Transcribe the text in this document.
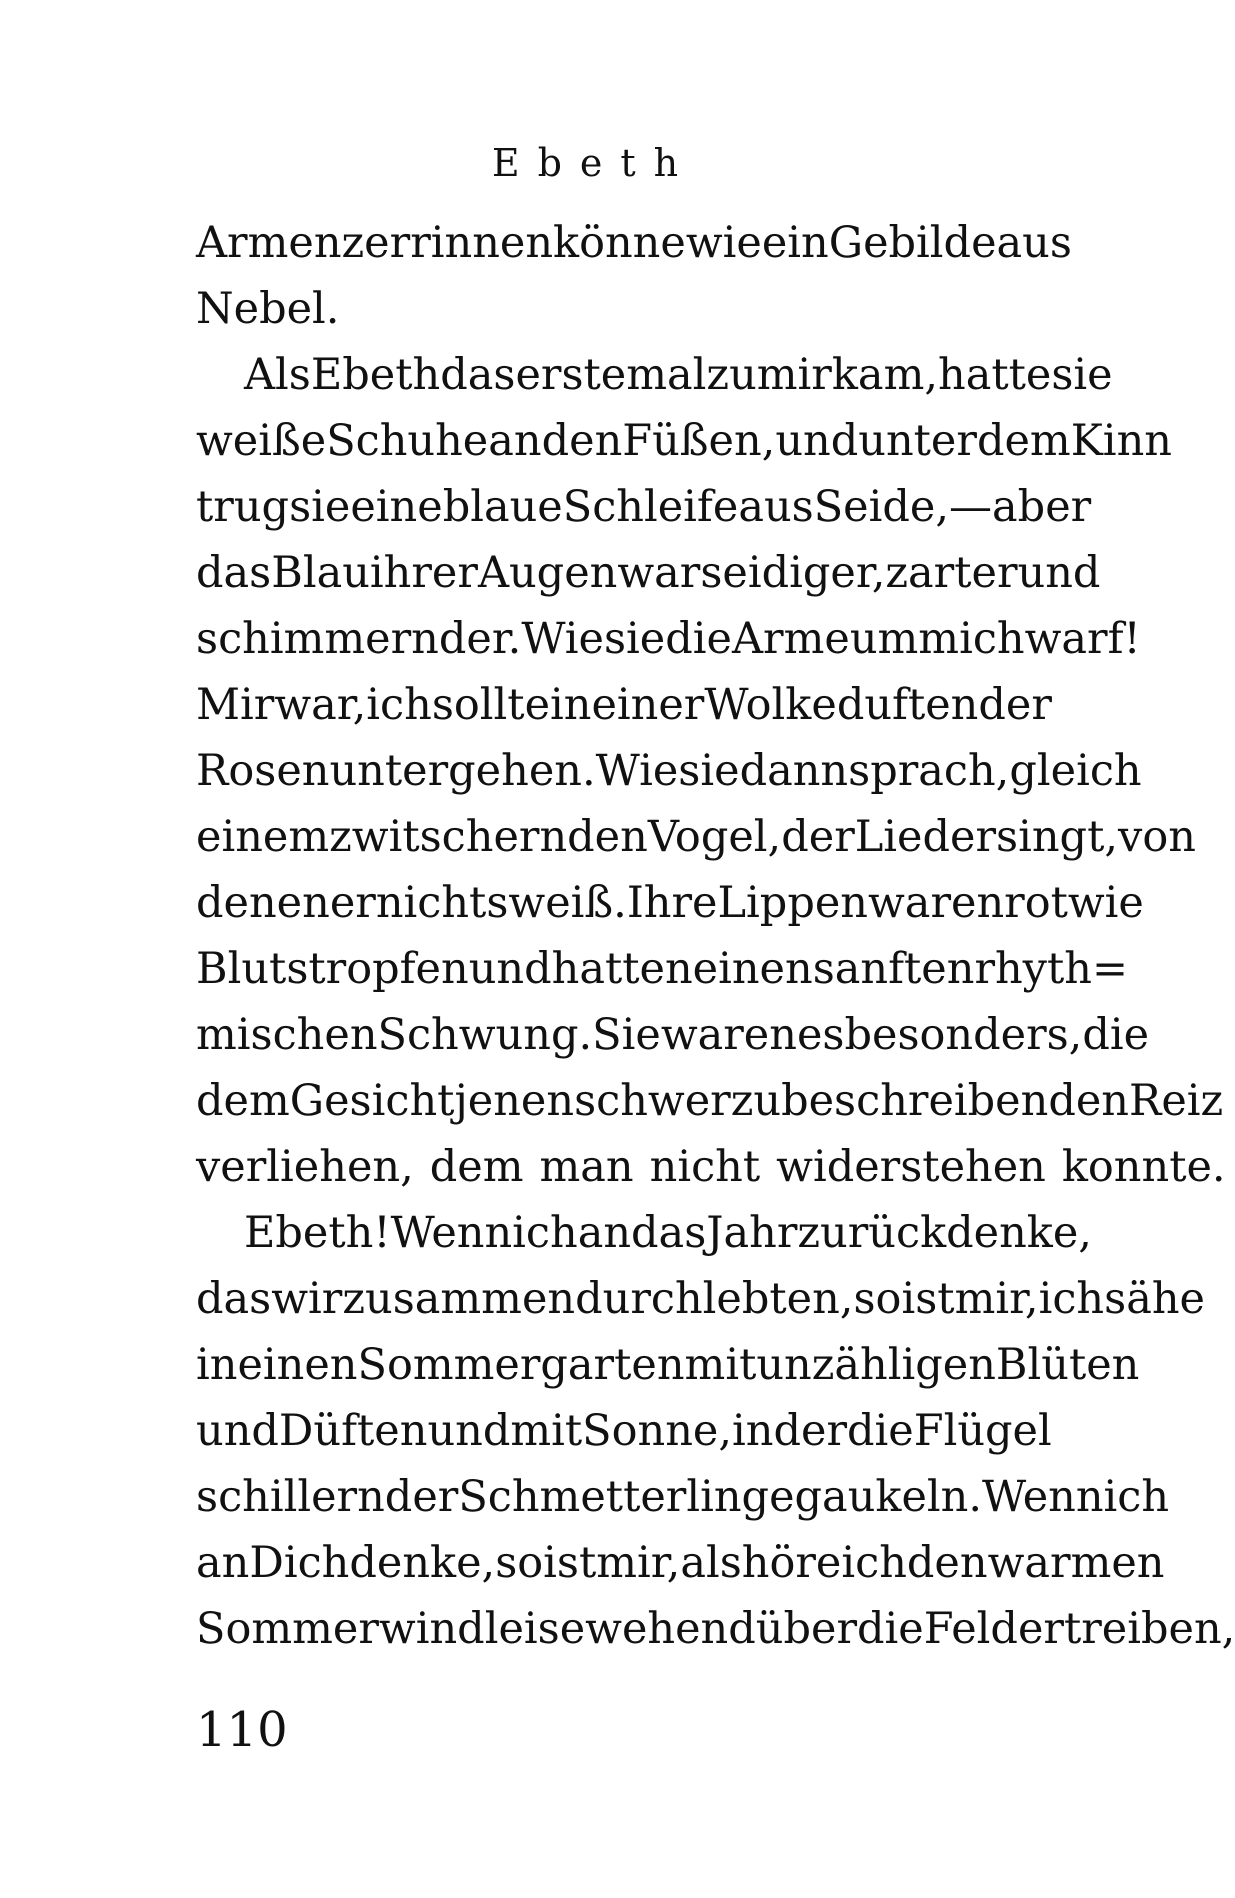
Ebeth
Armen zerrinnen könne wie ein Gebilde aus
Nebel.
Als Ebeth das erstemal zu mir kam, hatte sie
weiße Schuhe an den Füßen, und unter dem Kinn
trug sie eine blaue Schleife aus Seide, — aber
das Blau ihrer Augen war seidiger, zarter und
schimmernder. Wie sie die Arme um mich warf!
Mir war, ich sollte in einer Wolke duftender
Rosen untergehen. Wie sie dann sprach, gleich
einem zwitschernden Vogel, der Lieder singt, von
denen er nichts weiß. Ihre Lippen waren rot wie
Blutstropfen und hatten einen sanften rhyth=
mischen Schwung. Sie waren es besonders, die
dem Gesicht jenen schwer zu beschreibenden Reiz
verliehen, dem man nicht widerstehen konnte.
Ebeth! Wenn ich an das Jahr zurückdenke,
das wir zusammen durchlebten, so ist mir, ich sähe
in einen Sommergarten mit unzähligen Blüten
und Düften und mit Sonne, in der die Flügel
schillernder Schmetterlinge gaukeln. Wenn ich
an Dich denke, so ist mir, als höre ich den warmen
Sommerwind leise wehend über die Felder treiben,
110
